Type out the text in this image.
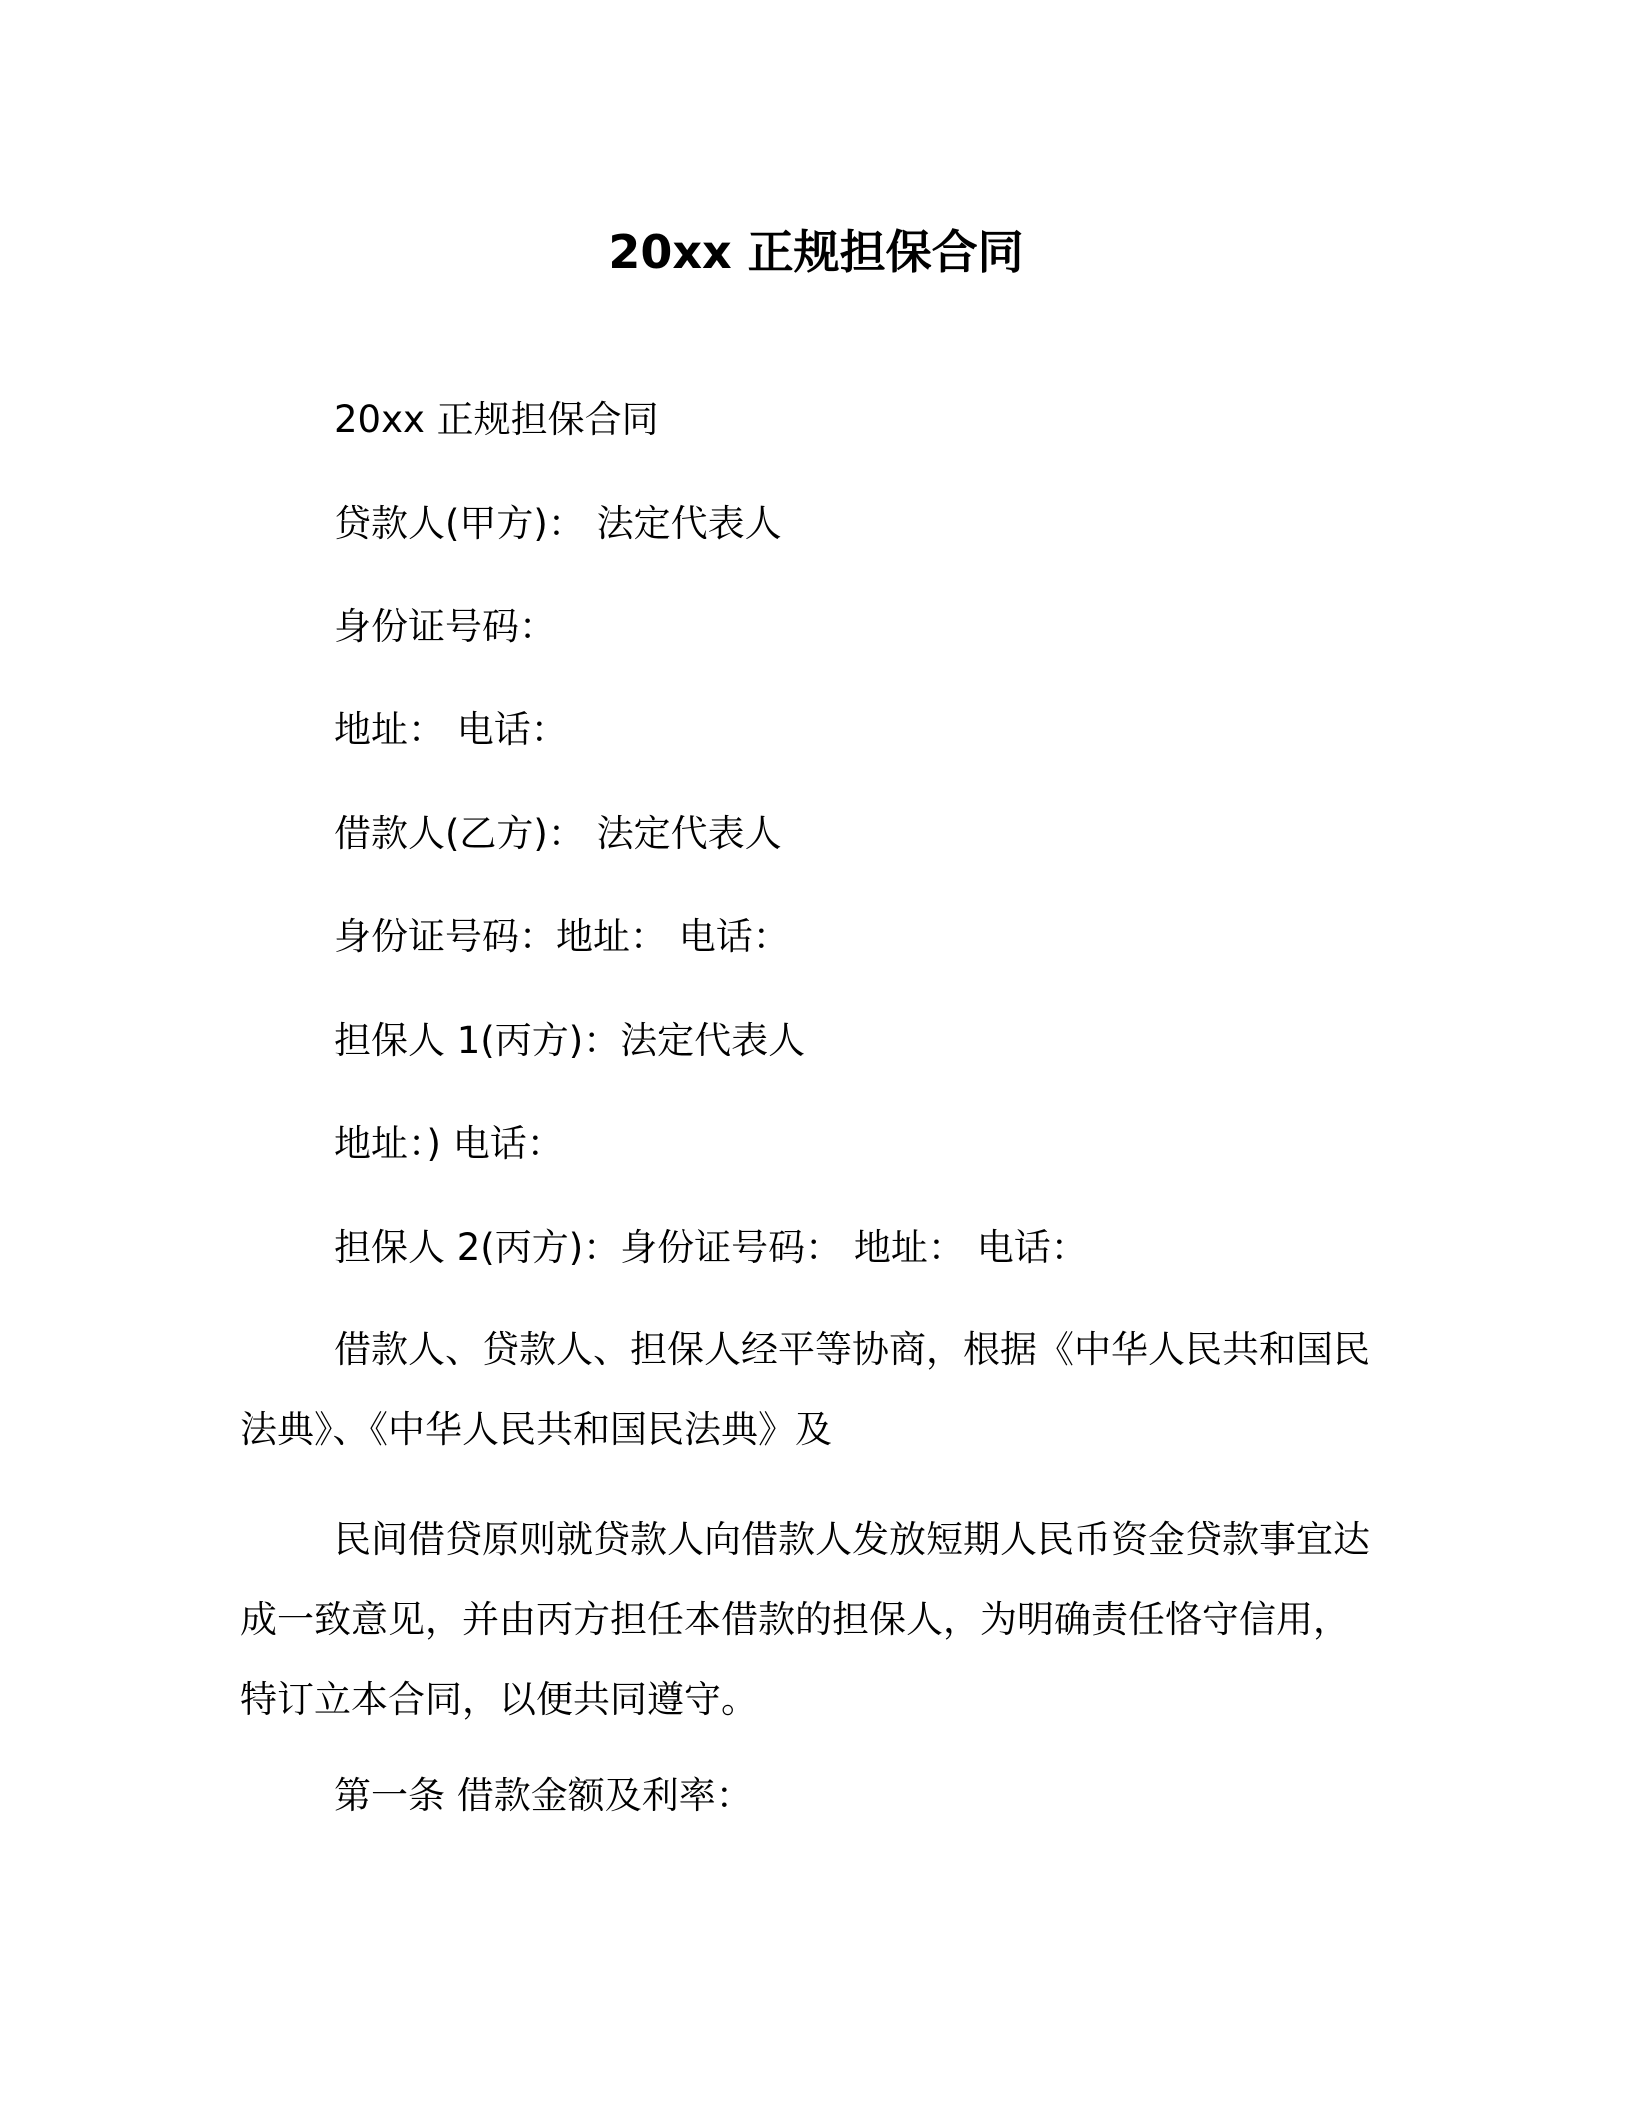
20xx 正规担保合同

20xx 正规担保合同

贷款人(甲方)： 法定代表人

身份证号码：

地址： 电话：

借款人(乙方)： 法定代表人

身份证号码：地址： 电话：

担保人 1(丙方)：法定代表人

地址：) 电话：

担保人 2(丙方)：身份证号码： 地址： 电话：

借款人、贷款人、担保人经平等协商，根据《中华人民共和国民法典》、《中华人民共和国民法典》及

民间借贷原则就贷款人向借款人发放短期人民币资金贷款事宜达成一致意见，并由丙方担任本借款的担保人，为明确责任恪守信用，特订立本合同，以便共同遵守。

第一条 借款金额及利率：
